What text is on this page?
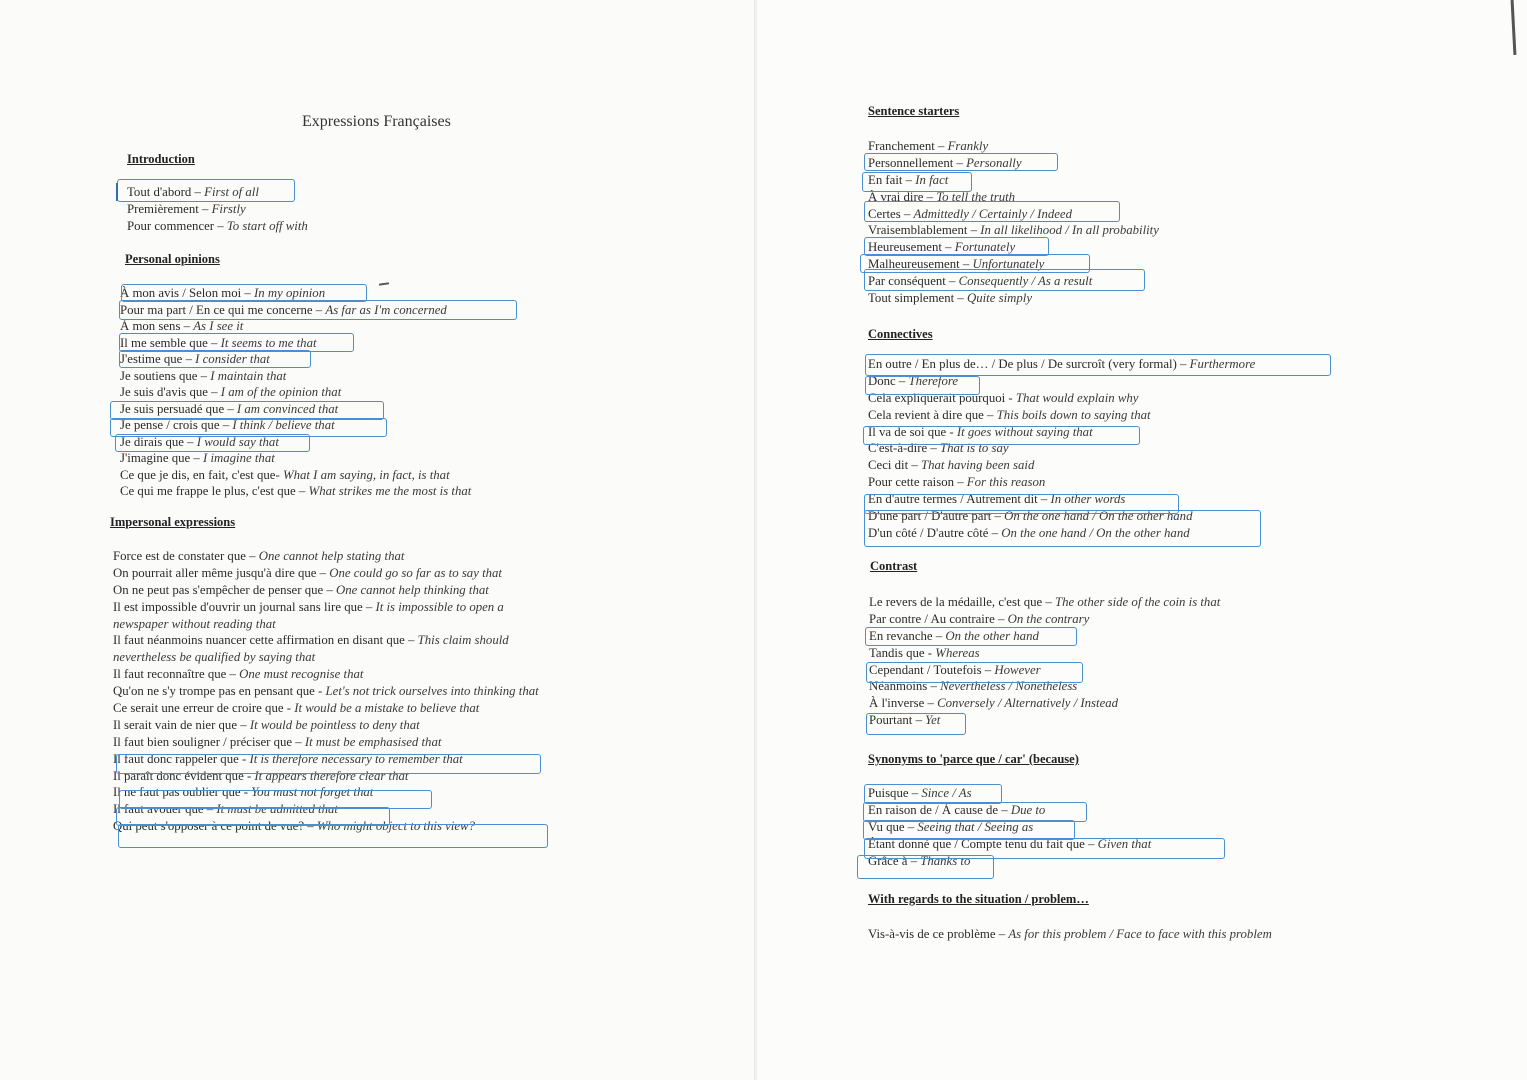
Expressions Françaises
Introduction
Tout d'abord – First of all
Premièrement – Firstly
Pour commencer – To start off with
Personal opinions
À mon avis / Selon moi – In my opinion
Pour ma part / En ce qui me concerne – As far as I'm concerned
À mon sens – As I see it
Il me semble que – It seems to me that
J'estime que – I consider that
Je soutiens que – I maintain that
Je suis d'avis que – I am of the opinion that
Je suis persuadé que – I am convinced that
Je pense / crois que – I think / believe that
Je dirais que – I would say that
J'imagine que – I imagine that
Ce que je dis, en fait, c'est que- What I am saying, in fact, is that
Ce qui me frappe le plus, c'est que – What strikes me the most is that
Impersonal expressions
Force est de constater que – One cannot help stating that
On pourrait aller même jusqu'à dire que – One could go so far as to say that
On ne peut pas s'empêcher de penser que – One cannot help thinking that
Il est impossible d'ouvrir un journal sans lire que – It is impossible to open a
newspaper without reading that
Il faut néanmoins nuancer cette affirmation en disant que – This claim should
nevertheless be qualified by saying that
Il faut reconnaître que – One must recognise that
Qu'on ne s'y trompe pas en pensant que - Let's not trick ourselves into thinking that
Ce serait une erreur de croire que - It would be a mistake to believe that
Il serait vain de nier que – It would be pointless to deny that
Il faut bien souligner / préciser que – It must be emphasised that
Il faut donc rappeler que - It is therefore necessary to remember that
Il paraît donc évident que - It appears therefore clear that
Il ne faut pas oublier que - You must not forget that
Il faut avouer que – It must be admitted that
Qui peut s'opposer à ce point de vue? – Who might object to this view?
Sentence starters
Franchement – Frankly
Personnellement – Personally
En fait – In fact
À vrai dire – To tell the truth
Certes – Admittedly / Certainly / Indeed
Vraisemblablement – In all likelihood / In all probability
Heureusement – Fortunately
Malheureusement – Unfortunately
Par conséquent – Consequently / As a result
Tout simplement – Quite simply
Connectives
En outre / En plus de… / De plus / De surcroît (very formal) – Furthermore
Donc – Therefore
Cela expliquerait pourquoi - That would explain why
Cela revient à dire que – This boils down to saying that
Il va de soi que - It goes without saying that
C'est-à-dire – That is to say
Ceci dit – That having been said
Pour cette raison – For this reason
En d'autre termes / Autrement dit – In other words
D'une part / D'autre part – On the one hand / On the other hand
D'un côté / D'autre côté – On the one hand / On the other hand
Contrast
Le revers de la médaille, c'est que – The other side of the coin is that
Par contre / Au contraire – On the contrary
En revanche – On the other hand
Tandis que - Whereas
Cependant / Toutefois – However
Néanmoins – Nevertheless / Nonetheless
À l'inverse – Conversely / Alternatively / Instead
Pourtant – Yet
Synonyms to 'parce que / car' (because)
Puisque – Since / As
En raison de / À cause de – Due to
Vu que – Seeing that / Seeing as
Étant donné que / Compte tenu du fait que – Given that
Grâce à – Thanks to
With regards to the situation / problem…
Vis-à-vis de ce problème – As for this problem / Face to face with this problem
